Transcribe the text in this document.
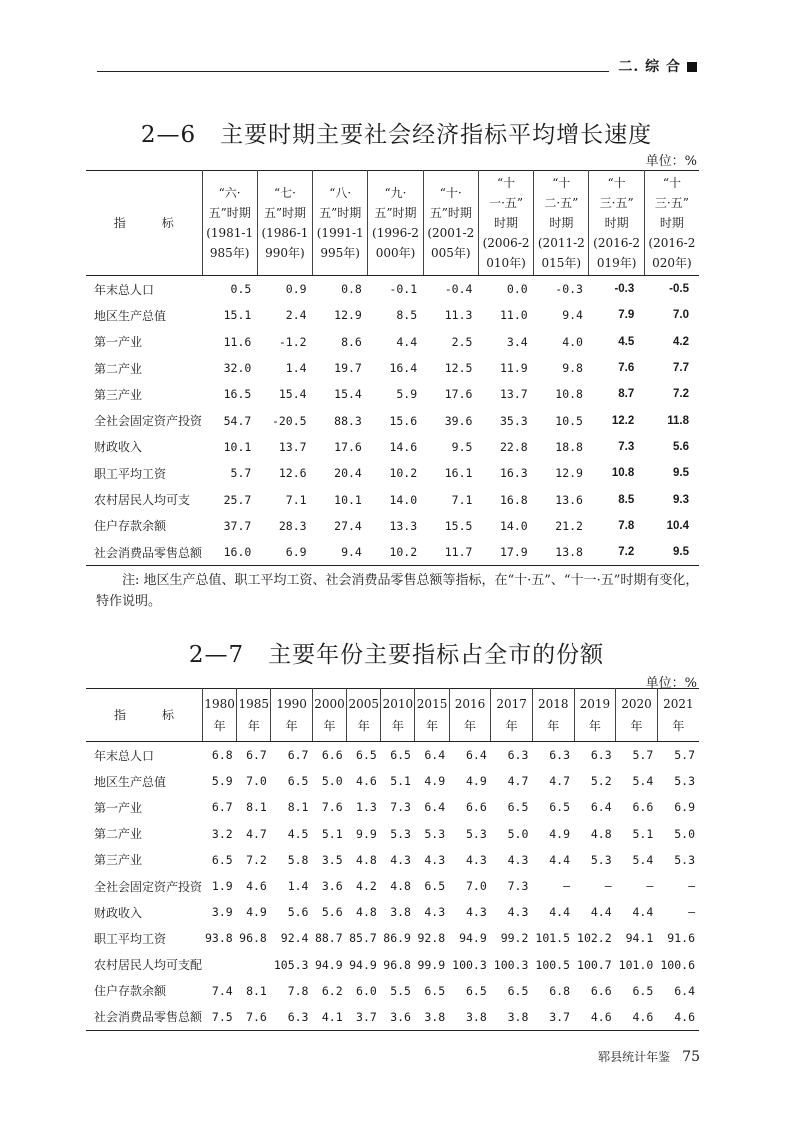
二. 综 合
2—6　主要时期主要社会经济指标平均增长速度
单位：%
指　　　标	“六·
五”时期
(1981-1
985年)	“七·
五”时期
(1986-1
990年)	“八·
五”时期
(1991-1
995年)	“九·
五”时期
(1996-2
000年)	“十·
五”时期
(2001-2
005年)	“十
一·五”
时期
(2006-2
010年)	“十
二·五”
时期
(2011-2
015年)	“十
三·五”
时期
(2016-2
019年)	“十
三·五”
时期
(2016-2
020年)
年末总人口	0.5	0.9	0.8	-0.1	-0.4	0.0	-0.3	-0.3	-0.5
地区生产总值	15.1	2.4	12.9	8.5	11.3	11.0	9.4	7.9	7.0
第一产业	11.6	-1.2	8.6	4.4	2.5	3.4	4.0	4.5	4.2
第二产业	32.0	1.4	19.7	16.4	12.5	11.9	9.8	7.6	7.7
第三产业	16.5	15.4	15.4	5.9	17.6	13.7	10.8	8.7	7.2
全社会固定资产投资	54.7	-20.5	88.3	15.6	39.6	35.3	10.5	12.2	11.8
财政收入	10.1	13.7	17.6	14.6	9.5	22.8	18.8	7.3	5.6
职工平均工资	5.7	12.6	20.4	10.2	16.1	16.3	12.9	10.8	9.5
农村居民人均可支	25.7	7.1	10.1	14.0	7.1	16.8	13.6	8.5	9.3
住户存款余额	37.7	28.3	27.4	13.3	15.5	14.0	21.2	7.8	10.4
社会消费品零售总额	16.0	6.9	9.4	10.2	11.7	17.9	13.8	7.2	9.5
注: 地区生产总值、职工平均工资、社会消费品零售总额等指标，在“十·五”、“十一·五”时期有变化，特作说明。
2—7　主要年份主要指标占全市的份额
单位：%
指　　　标	1980
年	1985
年	1990
年	2000
年	2005
年	2010
年	2015
年	2016
年	2017
年	2018
年	2019
年	2020
年	2021
年
年末总人口	6.8	6.7	6.7	6.6	6.5	6.5	6.4	6.4	6.3	6.3	6.3	5.7	5.7
地区生产总值	5.9	7.0	6.5	5.0	4.6	5.1	4.9	4.9	4.7	4.7	5.2	5.4	5.3
第一产业	6.7	8.1	8.1	7.6	1.3	7.3	6.4	6.6	6.5	6.5	6.4	6.6	6.9
第二产业	3.2	4.7	4.5	5.1	9.9	5.3	5.3	5.3	5.0	4.9	4.8	5.1	5.0
第三产业	6.5	7.2	5.8	3.5	4.8	4.3	4.3	4.3	4.3	4.4	5.3	5.4	5.3
全社会固定资产投资	1.9	4.6	1.4	3.6	4.2	4.8	6.5	7.0	7.3	—	—	—	—
财政收入	3.9	4.9	5.6	5.6	4.8	3.8	4.3	4.3	4.3	4.4	4.4	4.4	—
职工平均工资	93.8	96.8	92.4	88.7	85.7	86.9	92.8	94.9	99.2	101.5	102.2	94.1	91.6
农村居民人均可支配			105.3	94.9	94.9	96.8	99.9	100.3	100.3	100.5	100.7	101.0	100.6
住户存款余额	7.4	8.1	7.8	6.2	6.0	5.5	6.5	6.5	6.5	6.8	6.6	6.5	6.4
社会消费品零售总额	7.5	7.6	6.3	4.1	3.7	3.6	3.8	3.8	3.8	3.7	4.6	4.6	4.6
郓县统计年鉴 75
